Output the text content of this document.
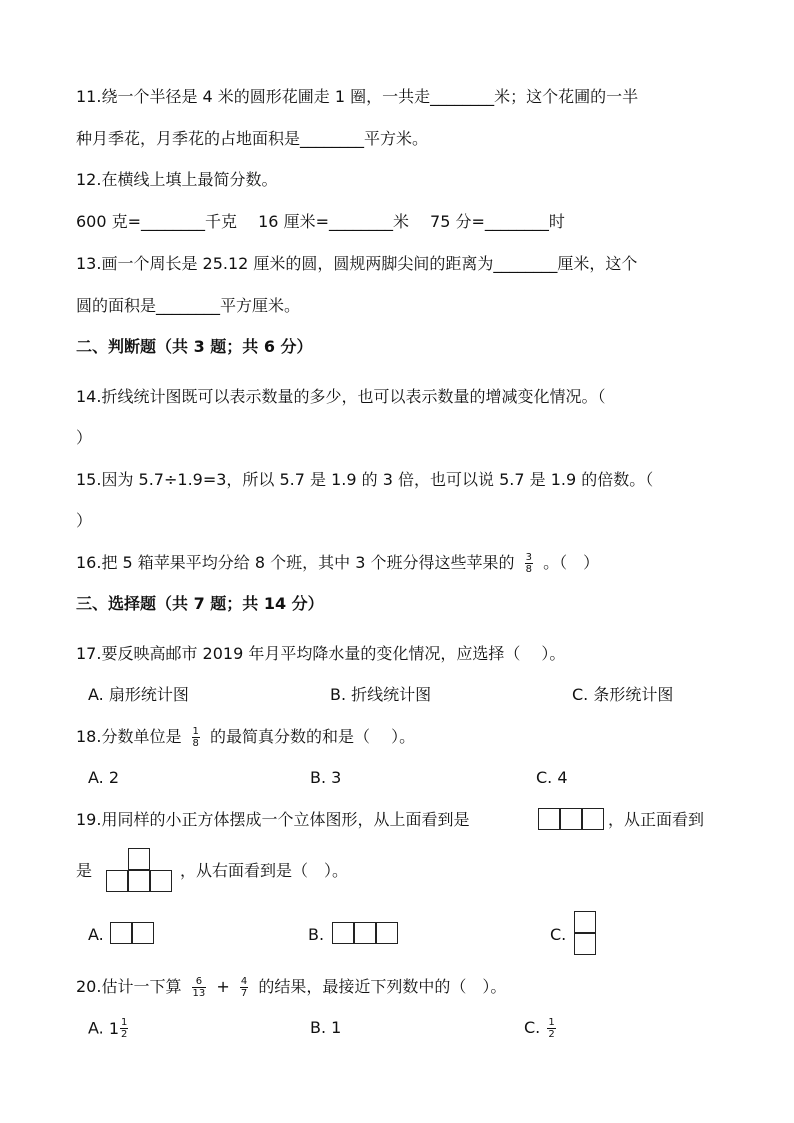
11.绕一个半径是 4 米的圆形花圃走 1 圈，一共走________米；这个花圃的一半
种月季花，月季花的占地面积是________平方米。
12.在横线上填上最简分数。
600 克=________千克　 16 厘米=________米　 75 分=________时
13.画一个周长是 25.12 厘米的圆，圆规两脚尖间的距离为________厘米，这个
圆的面积是________平方厘米。
二、判断题（共 3 题；共 6 分）
14.折线统计图既可以表示数量的多少，也可以表示数量的增减变化情况。（
）
15.因为 5.7÷1.9=3，所以 5.7 是 1.9 的 3 倍，也可以说 5.7 是 1.9 的倍数。（
）
16.把 5 箱苹果平均分给 8 个班，其中 3 个班分得这些苹果的 $\frac{3}{8}$ 。（　）
三、选择题（共 7 题；共 14 分）
17.要反映高邮市 2019 年月平均降水量的变化情况，应选择（　 ）。
A. 扇形统计图	B. 折线统计图	C. 条形统计图
18.分数单位是 $\frac{1}{8}$ 的最简真分数的和是（　 ）。
A. 2	B. 3	C. 4
19.用同样的小正方体摆成一个立体图形，从上面看到是	，从正面看到
是	，从右面看到是（　）。
A.	B.	C.
20.估计一下算 $\frac{6}{13} + \frac{4}{7}$ 的结果，最接近下列数中的（　）。
A. $1 \frac{1}{2}$	B. 1	C. $\frac{1}{2}$
